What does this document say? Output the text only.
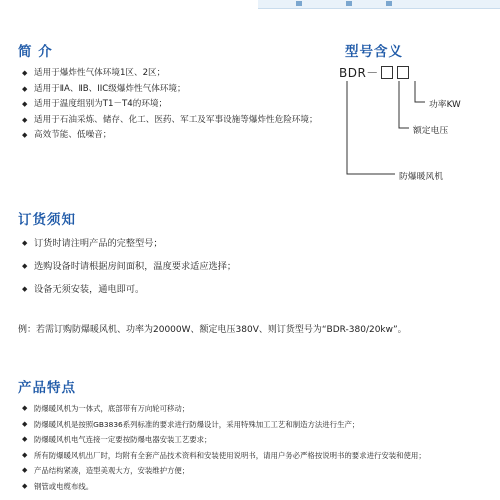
简 介
◆ 适用于爆炸性气体环境1区、2区；
◆ 适用于ⅡA、ⅡB、IIC级爆炸性气体环境；
◆ 适用于温度组别为T1－T4的环境；
◆ 适用于石油采炼、储存、化工、医药、军工及军事设施等爆炸性危险环境；
◆ 高效节能、低噪音；
型号含义
BDR－
功率KW
额定电压
防爆暖风机
订货须知
◆ 订货时请注明产品的完整型号；
◆ 选购设备时请根据房间面积，温度要求适应选择；
◆ 设备无须安装，通电即可。
例：若需订购防爆暖风机、功率为20000W、额定电压380V、则订货型号为“BDR-380/20kw”。
产品特点
◆ 防爆暖风机为一体式，底部带有万向轮可移动；
◆ 防爆暖风机是按照GB3836系列标准的要求进行防爆设计，采用特殊加工工艺和制造方法进行生产；
◆ 防爆暖风机电气连接一定要按防爆电器安装工艺要求；
◆ 所有防爆暖风机出厂时，均附有全套产品技术资料和安装使用说明书，请用户务必严格按说明书的要求进行安装和使用；
◆ 产品结构紧凑，造型美观大方，安装维护方便；
◆ 钢管或电缆布线。
